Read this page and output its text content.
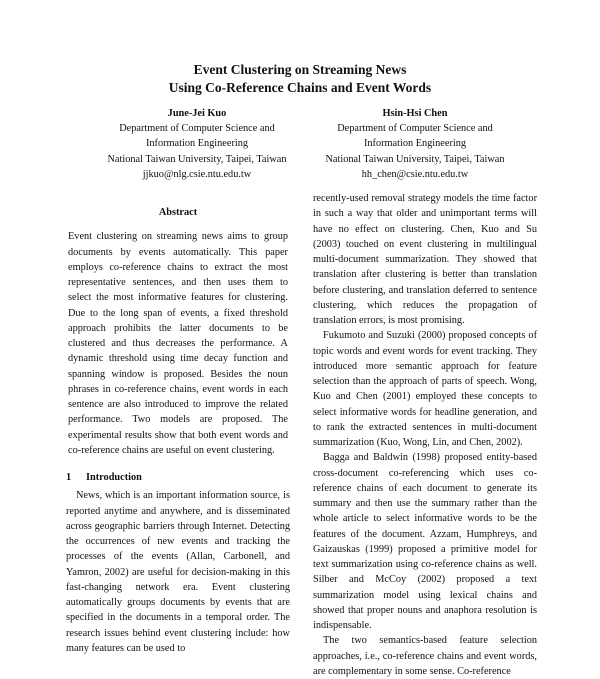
Event Clustering on Streaming News
Using Co-Reference Chains and Event Words
June-Jei Kuo
Department of Computer Science and
Information Engineering
National Taiwan University, Taipei, Taiwan
jjkuo@nlg.csie.ntu.edu.tw
Hsin-Hsi Chen
Department of Computer Science and
Information Engineering
National Taiwan University, Taipei, Taiwan
hh_chen@csie.ntu.edu.tw

Abstract

Event clustering on streaming news aims to group documents by events automatically. This paper employs co-reference chains to extract the most representative sentences, and then uses them to select the most informative features for clustering. Due to the long span of events, a fixed threshold approach prohibits the latter documents to be clustered and thus decreases the performance. A dynamic threshold using time decay function and spanning window is proposed. Besides the noun phrases in co-reference chains, event words in each sentence are also introduced to improve the related performance. Two models are proposed. The experimental results show that both event words and co-reference chains are useful on event clustering.

1 Introduction

News, which is an important information source, is reported anytime and anywhere, and is disseminated across geographic barriers through Internet. Detecting the occurrences of new events and tracking the processes of the events (Allan, Carbonell, and Yamron, 2002) are useful for decision-making in this fast-changing network era. Event clustering automatically groups documents by events that are specified in the documents in a temporal order. The research issues behind event clustering include: how many features can be used to

recently-used removal strategy models the time factor in such a way that older and unimportant terms will have no effect on clustering. Chen, Kuo and Su (2003) touched on event clustering in multilingual multi-document summarization. They showed that translation after clustering is better than translation before clustering, and translation deferred to sentence clustering, which reduces the propagation of translation errors, is most promising.

Fukumoto and Suzuki (2000) proposed concepts of topic words and event words for event tracking. They introduced more semantic approach for feature selection than the approach of parts of speech. Wong, Kuo and Chen (2001) employed these concepts to select informative words for headline generation, and to rank the extracted sentences in multi-document summarization (Kuo, Wong, Lin, and Chen, 2002).

Bagga and Baldwin (1998) proposed entity-based cross-document co-referencing which uses co-reference chains of each document to generate its summary and then use the summary rather than the whole article to select informative words to be the features of the document. Azzam, Humphreys, and Gaizauskas (1999) proposed a primitive model for text summarization using co-reference chains as well. Silber and McCoy (2002) proposed a text summarization model using lexical chains and showed that proper nouns and anaphora resolution is indispensable.

The two semantics-based feature selection approaches, i.e., co-reference chains and event words, are complementary in some sense. Co-reference
